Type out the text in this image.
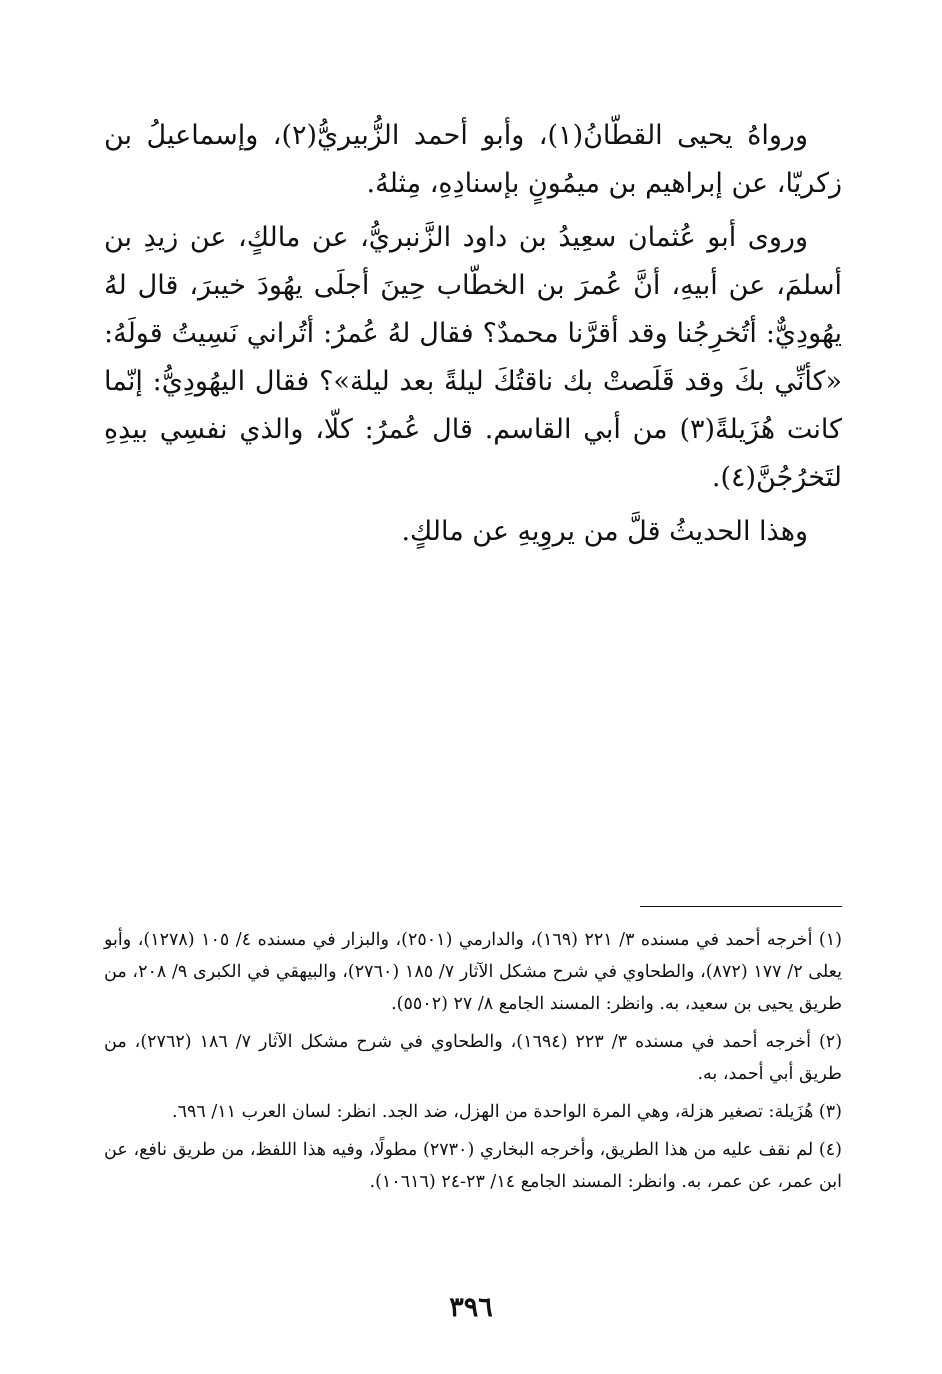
ورواهُ يحيى القطّانُ(١)، وأبو أحمد الزُّبيريُّ(٢)، وإسماعيلُ بن زكريّا، عن إبراهيم بن ميمُونٍ بإسنادِهِ، مِثلهُ.

وروى أبو عُثمان سعِيدُ بن داود الزَّنبريُّ، عن مالكٍ، عن زيدِ بن أسلمَ، عن أبيهِ، أنَّ عُمرَ بن الخطّاب حِينَ أجلَى يهُودَ خيبرَ، قال لهُ يهُودِيٌّ: أتُخرِجُنا وقد أقرَّنا محمدٌ؟ فقال لهُ عُمرُ: أتُراني نَسِيتُ قولَهُ: «كأنِّي بكَ وقد قَلَصتْ بك ناقتُكَ ليلةً بعد ليلة»؟ فقال اليهُودِيُّ: إنّما كانت هُزَيلةً(٣) من أبي القاسم. قال عُمرُ: كلّا، والذي نفسِي بيدِهِ لتَخرُجُنَّ(٤).

وهذا الحديثُ قلَّ من يروِيهِ عن مالكٍ.

(١) أخرجه أحمد في مسنده ٣/ ٢٢١ (١٦٩)، والدارمي (٢٥٠١)، والبزار في مسنده ٤/ ١٠٥ (١٢٧٨)، وأبو يعلى ٢/ ١٧٧ (٨٧٢)، والطحاوي في شرح مشكل الآثار ٧/ ١٨٥ (٢٧٦٠)، والبيهقي في الكبرى ٩/ ٢٠٨، من طريق يحيى بن سعيد، به. وانظر: المسند الجامع ٨/ ٢٧ (٥٥٠٢).

(٢) أخرجه أحمد في مسنده ٣/ ٢٢٣ (١٦٩٤)، والطحاوي في شرح مشكل الآثار ٧/ ١٨٦ (٢٧٦٢)، من طريق أبي أحمد، به.

(٣) هُزَيلة: تصغير هزلة، وهي المرة الواحدة من الهزل، ضد الجد. انظر: لسان العرب ١١/ ٦٩٦.

(٤) لم نقف عليه من هذا الطريق، وأخرجه البخاري (٢٧٣٠) مطولًا، وفيه هذا اللفظ، من طريق نافع، عن ابن عمر، عن عمر، به. وانظر: المسند الجامع ١٤/ ٢٣-٢٤ (١٠٦١٦).

٣٩٦
